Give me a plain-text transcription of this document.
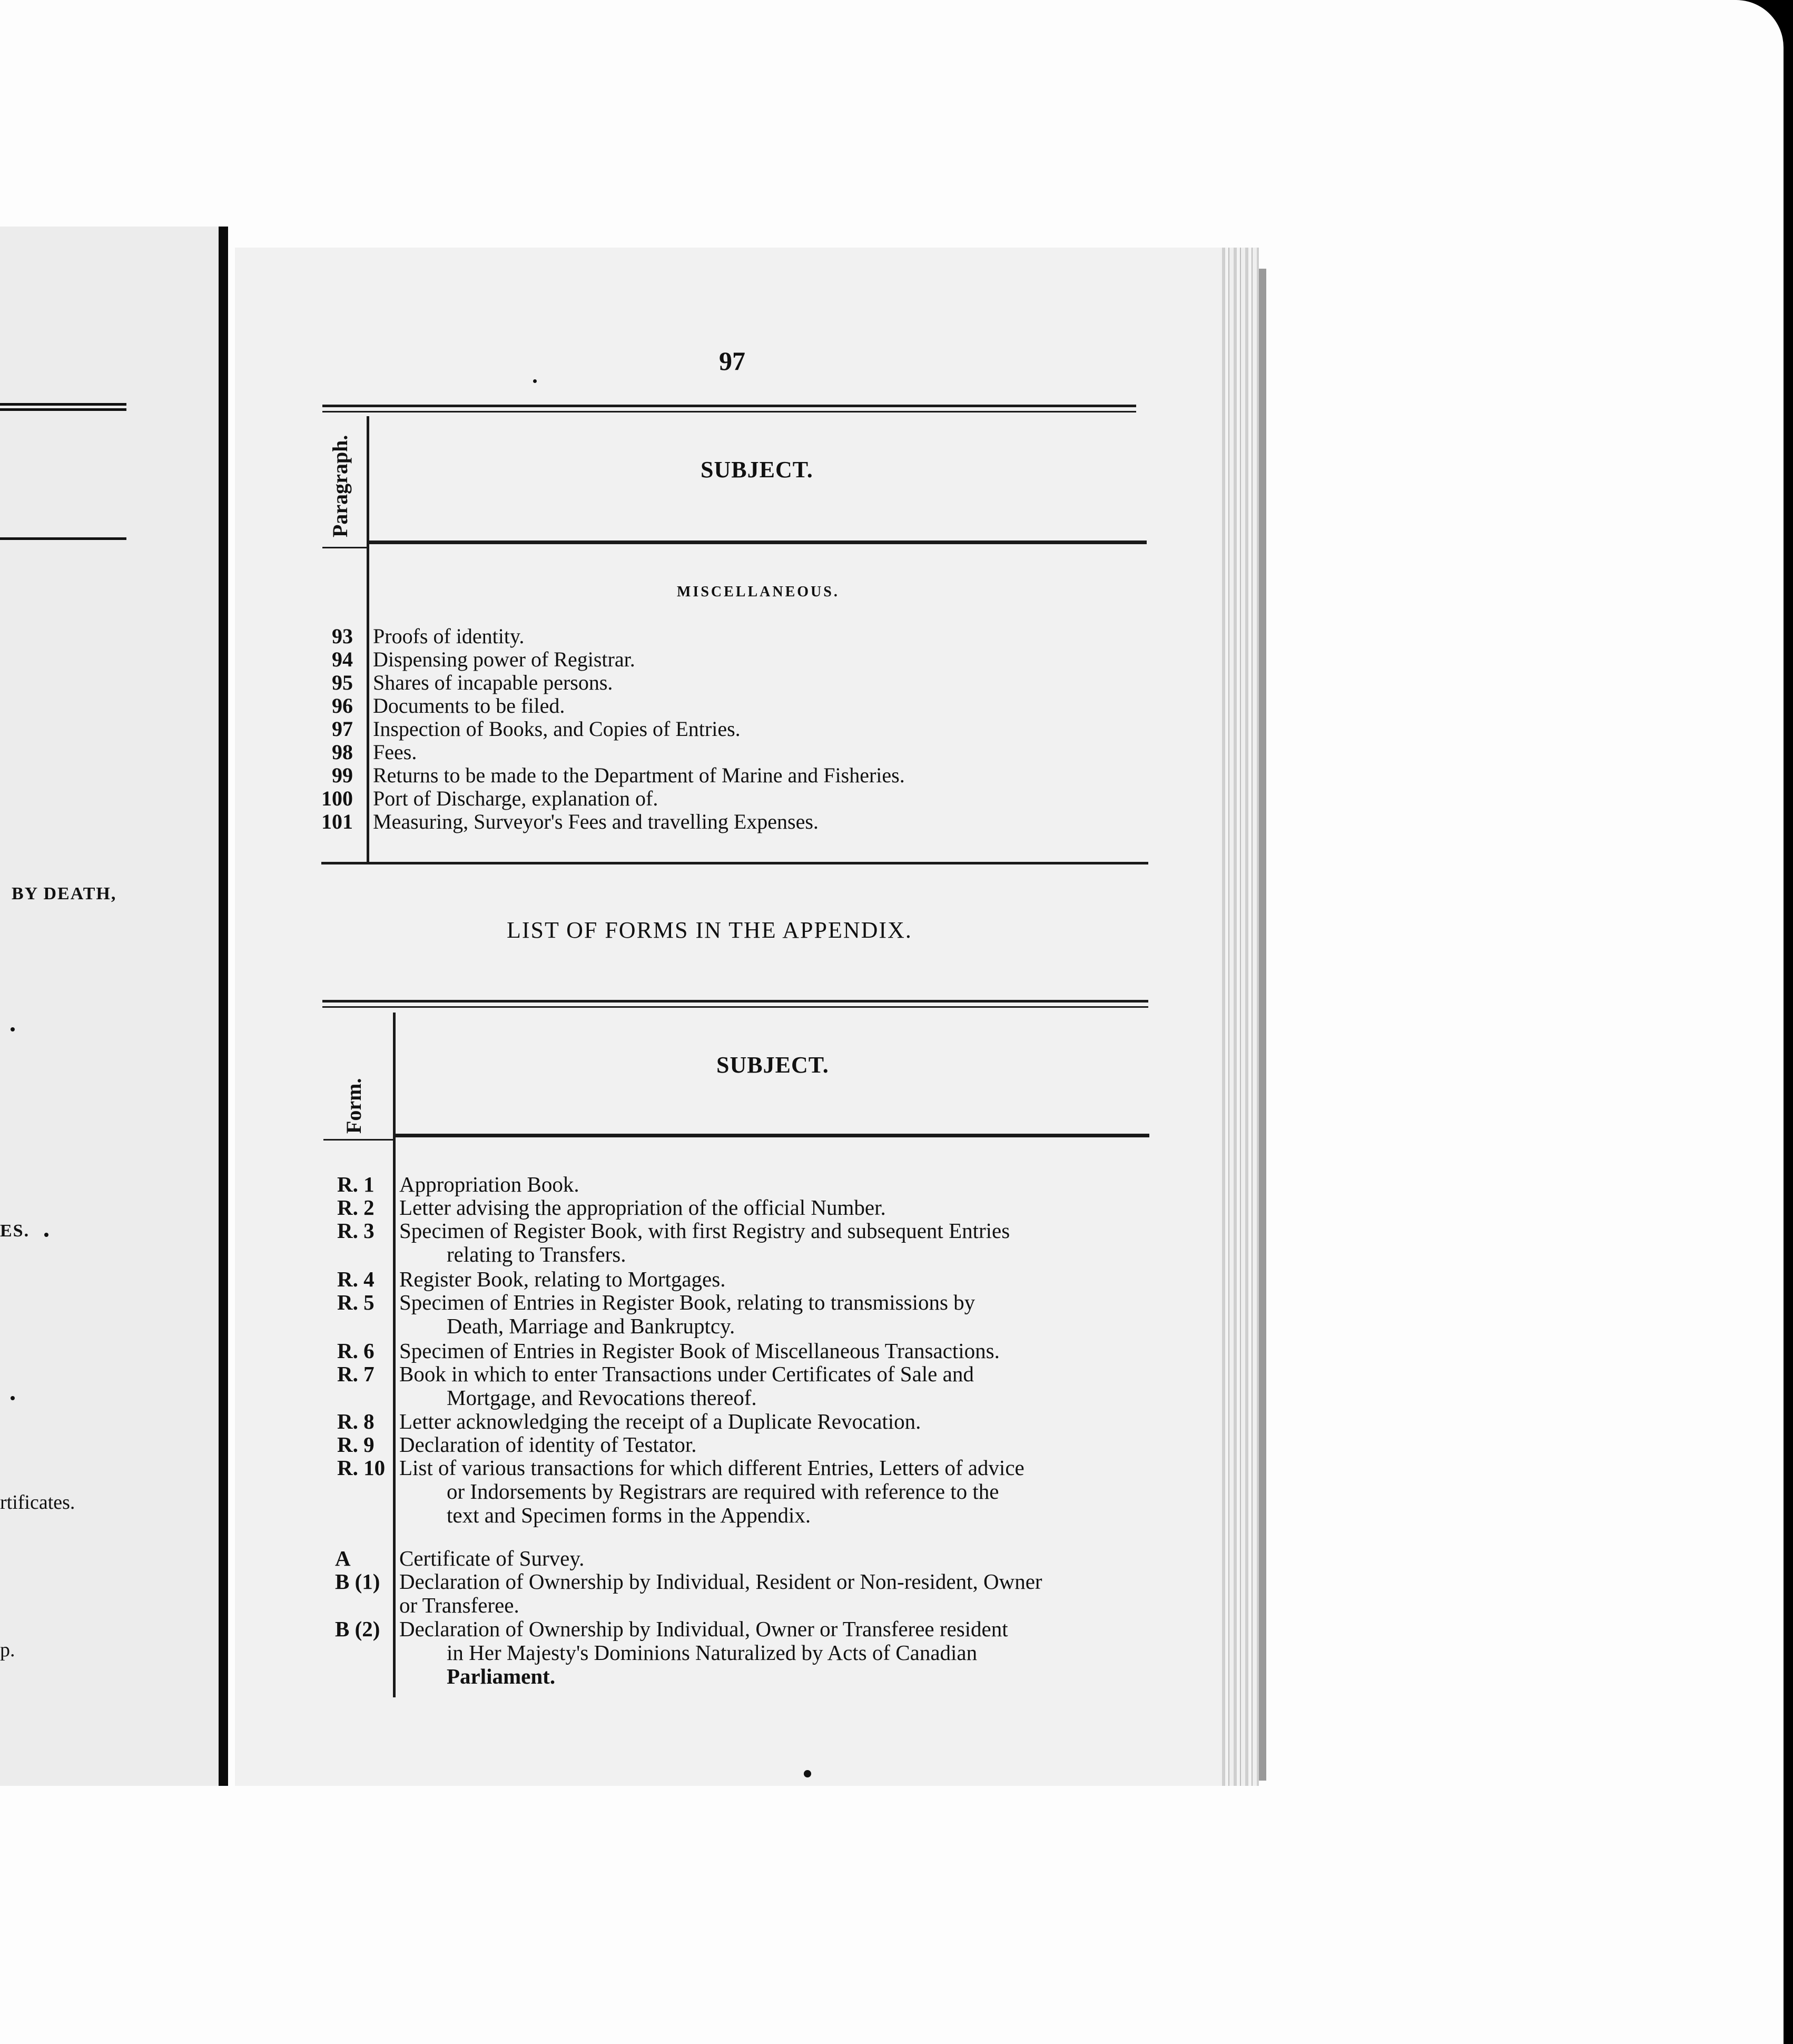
BY DEATH,
ES.
rtificates.
p.
97
Paragraph.	SUBJECT.
MISCELLANEOUS.
93 Proofs of identity.
94 Dispensing power of Registrar.
95 Shares of incapable persons.
96 Documents to be filed.
97 Inspection of Books, and Copies of Entries.
98 Fees.
99 Returns to be made to the Department of Marine and Fisheries.
100 Port of Discharge, explanation of.
101 Measuring, Surveyor's Fees and travelling Expenses.
LIST OF FORMS IN THE APPENDIX.
Form.
SUBJECT.
R. 1 Appropriation Book.
R. 2 Letter advising the appropriation of the official Number.
R. 3 Specimen of Register Book, with first Registry and subsequent Entries
relating to Transfers.
R. 4 Register Book, relating to Mortgages.
R. 5 Specimen of Entries in Register Book, relating to transmissions by
Death, Marriage and Bankruptcy.
R. 6 Specimen of Entries in Register Book of Miscellaneous Transactions.
R. 7 Book in which to enter Transactions under Certificates of Sale and
Mortgage, and Revocations thereof.
R. 8 Letter acknowledging the receipt of a Duplicate Revocation.
R. 9 Declaration of identity of Testator.
R. 10 List of various transactions for which different Entries, Letters of advice
or Indorsements by Registrars are required with reference to the
text and Specimen forms in the Appendix.
A Certificate of Survey.
B (1) Declaration of Ownership by Individual, Resident or Non-resident, Owner
or Transferee.
B (2) Declaration of Ownership by Individual, Owner or Transferee resident
in Her Majesty's Dominions Naturalized by Acts of Canadian
Parliament.
